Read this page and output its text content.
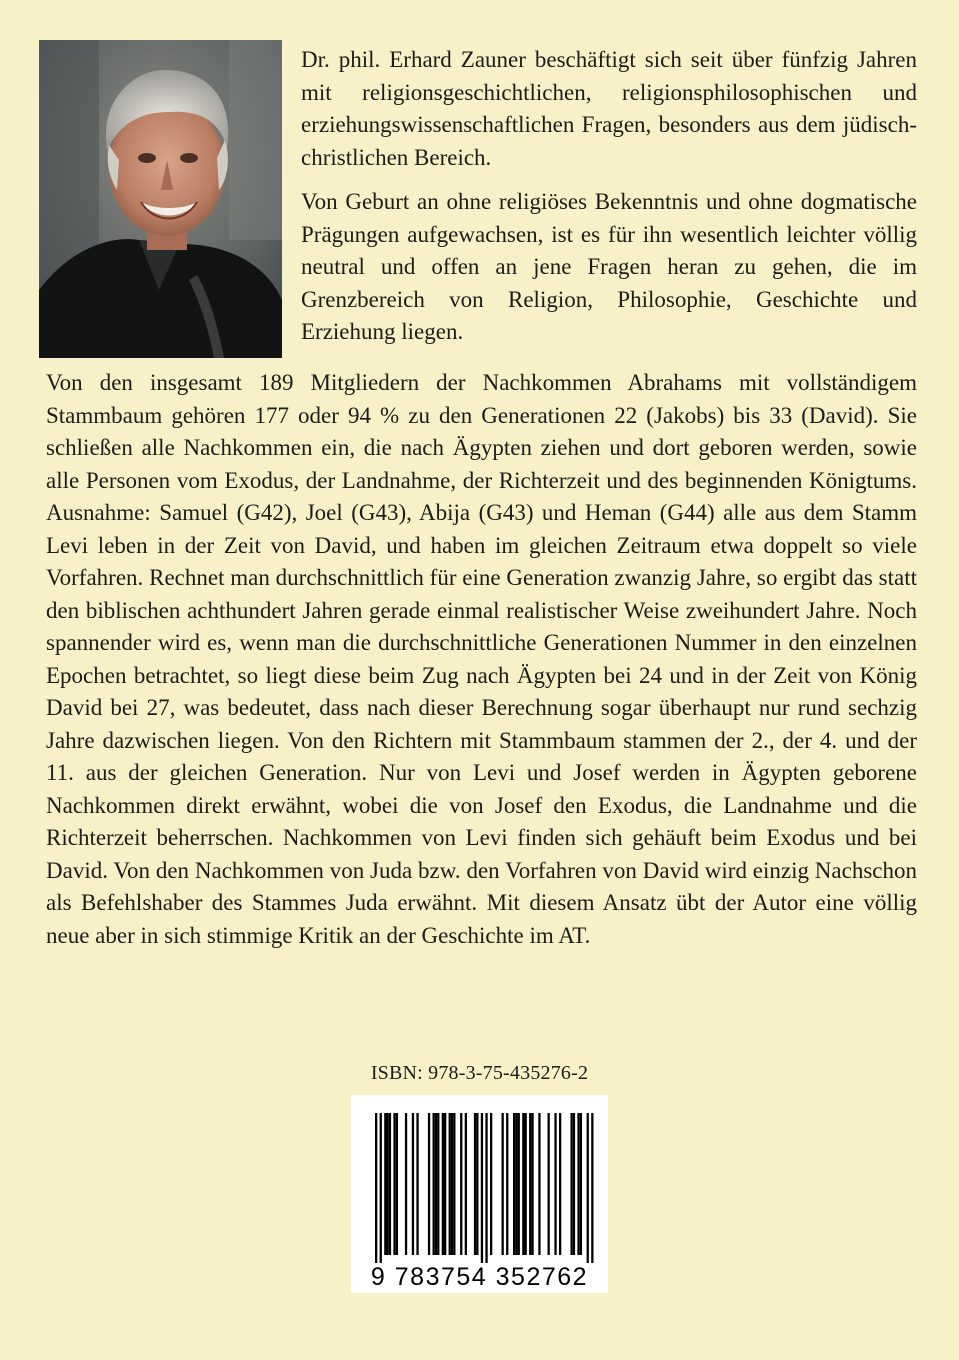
Dr. phil. Erhard Zauner beschäftigt sich seit über fünfzig Jahren mit religionsgeschichtlichen, religionsphilosophischen und erziehungswissenschaftlichen Fragen, besonders aus dem jüdisch-christlichen Bereich.

Von Geburt an ohne religiöses Bekenntnis und ohne dogmatische Prägungen aufgewachsen, ist es für ihn wesentlich leichter völlig neutral und offen an jene Fragen heran zu gehen, die im Grenzbereich von Religion, Philosophie, Geschichte und Erziehung liegen.

Von den insgesamt 189 Mitgliedern der Nachkommen Abrahams mit vollständigem Stammbaum gehören 177 oder 94 % zu den Generationen 22 (Jakobs) bis 33 (David). Sie schließen alle Nachkommen ein, die nach Ägypten ziehen und dort geboren werden, sowie alle Personen vom Exodus, der Landnahme, der Richterzeit und des beginnenden Königtums. Ausnahme: Samuel (G42), Joel (G43), Abija (G43) und Heman (G44) alle aus dem Stamm Levi leben in der Zeit von David, und haben im gleichen Zeitraum etwa doppelt so viele Vorfahren. Rechnet man durchschnittlich für eine Generation zwanzig Jahre, so ergibt das statt den biblischen achthundert Jahren gerade einmal realistischer Weise zweihundert Jahre. Noch spannender wird es, wenn man die durchschnittliche Generationen Nummer in den einzelnen Epochen betrachtet, so liegt diese beim Zug nach Ägypten bei 24 und in der Zeit von König David bei 27, was bedeutet, dass nach dieser Berechnung sogar überhaupt nur rund sechzig Jahre dazwischen liegen. Von den Richtern mit Stammbaum stammen der 2., der 4. und der 11. aus der gleichen Generation. Nur von Levi und Josef werden in Ägypten geborene Nachkommen direkt erwähnt, wobei die von Josef den Exodus, die Landnahme und die Richterzeit beherrschen. Nachkommen von Levi finden sich gehäuft beim Exodus und bei David. Von den Nachkommen von Juda bzw. den Vorfahren von David wird einzig Nachschon als Befehlshaber des Stammes Juda erwähnt. Mit diesem Ansatz übt der Autor eine völlig neue aber in sich stimmige Kritik an der Geschichte im AT.

ISBN: 978-3-75-435276-2
9 783754 352762
